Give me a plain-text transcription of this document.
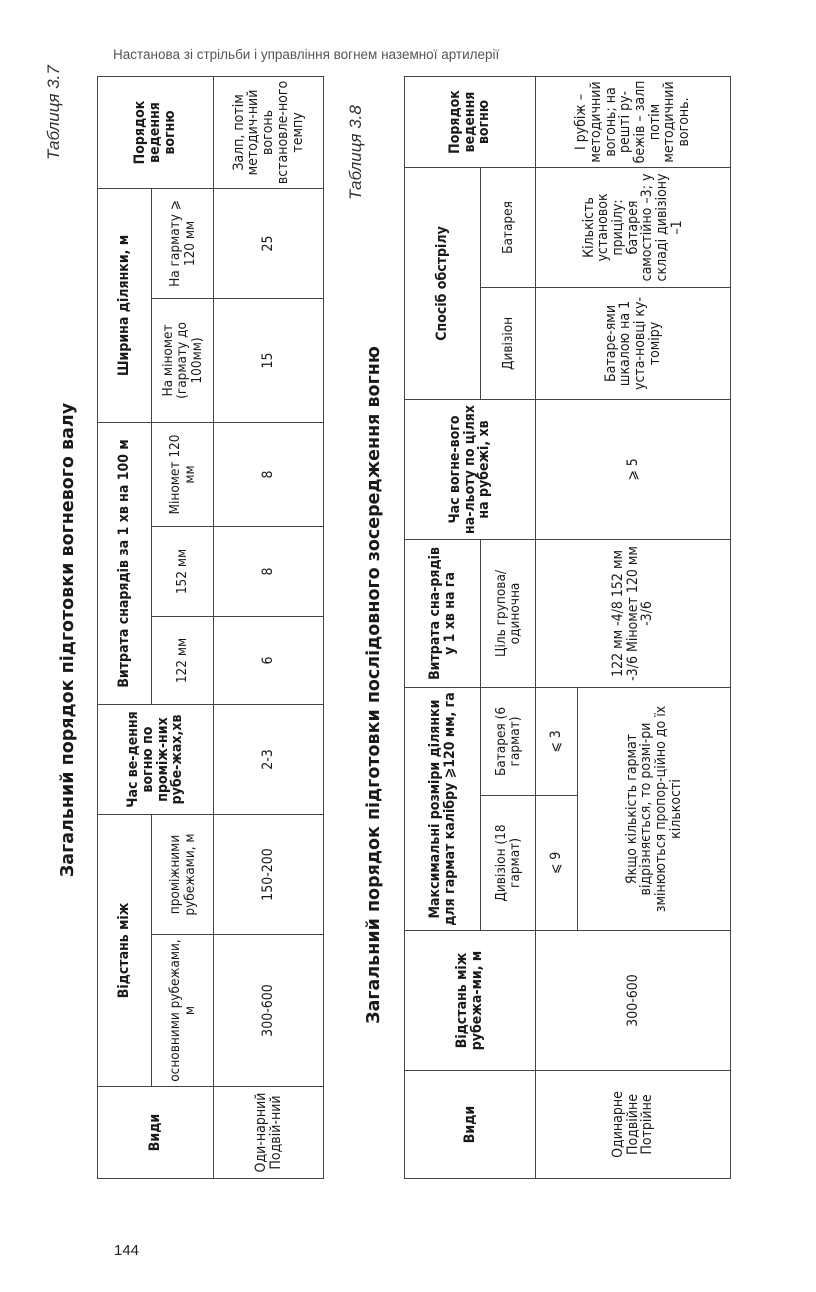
Настанова зі стрільби і управління вогнем наземної артилерії
Таблиця 3.7
Загальний порядок підготовки вогневого валу
Види	Відстань між		Час ве-дення вогню по проміж-них рубе-жах,хв	Витрата снарядів за 1 хв на 100 м			Ширина ділянки, м		Порядок ведення вогню
	основними рубежами, м	проміжними рубежами, м		122 мм	152 мм	Міномет 120 мм	На міномет (гармату до 100мм)	На гармату ⩾ 120 мм	
Оди-нарний Подвій-ний	300-600	150-200	2-3	6	8	8	15	25	Залп, потім методич-ний вогонь встановле-ного темпу Таблиця 3.8
Загальний порядок підготовки послідовного зосередження вогню
Види	Відстань між рубежа-ми, м	Максимальні розміри ділянки для гармат калібру ⩾120 мм, га		Витрата сна-рядів у 1 хв на га	Час вогне-вого на-льоту по цілях на рубежі, хв	Спосіб обстрілу		Порядок ведення вогню
		Дивізіон (18 гармат)	Батарея (6 гармат)	Ціль групова/ одиночна		Дивізіон	Батарея	
Одинарне Подвійне Потрійне	300-600	⩽ 9	⩽ 3	122 мм -4/8 152 мм -3/6 Міномет 120 мм -3/6	⩾ 5	Батаре-ями шкалою на 1 уста-новці ку-томіру	Кількість установок прицілу: батарея самостійно –3; у складі дивізіону –1	І рубіж – методичний вогонь; на решті ру-бежів – залп потім методичний вогонь.
		Якщо кількість гармат відрізняється, то розмі-ри змінюються пропор-ційно до їх кількості						
144
